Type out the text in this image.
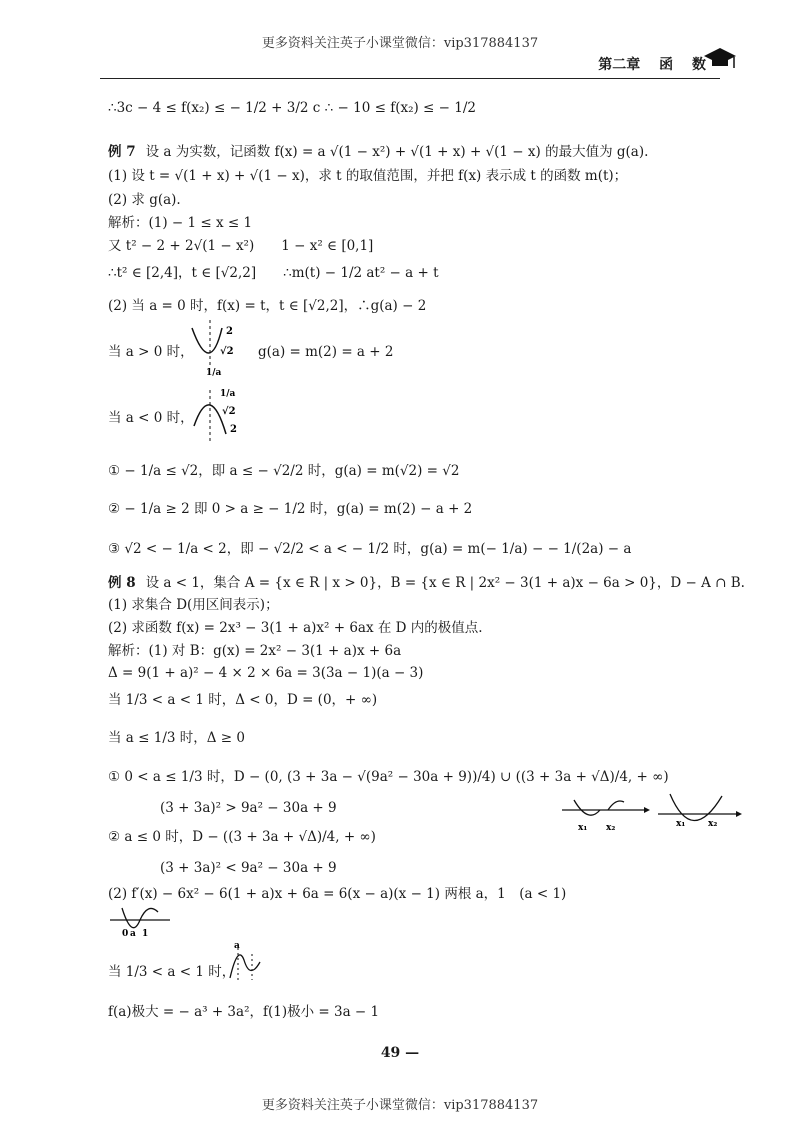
更多资料关注英子小课堂微信：vip317884137
第二章 函 数
∴3c − 4 ≤ f(x₂) ≤ − 1/2 + 3/2 c ∴ − 10 ≤ f(x₂) ≤ − 1/2
例 7 设 a 为实数，记函数 f(x) = a √(1 − x²) + √(1 + x) + √(1 − x) 的最大值为 g(a).
(1) 设 t = √(1 + x) + √(1 − x)，求 t 的取值范围，并把 f(x) 表示成 t 的函数 m(t)；
(2) 求 g(a).
解析：(1) − 1 ≤ x ≤ 1
又 t² − 2 + 2√(1 − x²)　　1 − x² ∈ [0,1]
∴t² ∈ [2,4]，t ∈ [√2,2]　　∴m(t) − 1/2 at² − a + t
(2) 当 a = 0 时，f(x) = t，t ∈ [√2,2]，∴g(a) − 2
当 a > 0 时，
2
√2
1/a
g(a) = m(2) = a + 2
当 a < 0 时，
1/a
√2
2
① − 1/a ≤ √2，即 a ≤ − √2/2 时，g(a) = m(√2) = √2
② − 1/a ≥ 2 即 0 > a ≥ − 1/2 时，g(a) = m(2) − a + 2
③ √2 < − 1/a < 2，即 − √2/2 < a < − 1/2 时，g(a) = m(− 1/a) − − 1/(2a) − a
例 8 设 a < 1，集合 A = {x ∈ R | x > 0}，B = {x ∈ R | 2x² − 3(1 + a)x − 6a > 0}，D − A ∩ B.
(1) 求集合 D(用区间表示)；
(2) 求函数 f(x) = 2x³ − 3(1 + a)x² + 6ax 在 D 内的极值点.
解析：(1) 对 B：g(x) = 2x² − 3(1 + a)x + 6a
Δ = 9(1 + a)² − 4 × 2 × 6a = 3(3a − 1)(a − 3)
当 1/3 < a < 1 时，Δ < 0，D = (0，+ ∞)
当 a ≤ 1/3 时，Δ ≥ 0
① 0 < a ≤ 1/3 时，D − (0, (3 + 3a − √(9a² − 30a + 9))/4) ∪ ((3 + 3a + √Δ)/4, + ∞)
(3 + 3a)² > 9a² − 30a + 9
x₁ x₂	x₁	x₂
② a ≤ 0 时，D − ((3 + 3a + √Δ)/4, + ∞)
(3 + 3a)² < 9a² − 30a + 9
(2) f′(x) − 6x² − 6(1 + a)x + 6a = 6(x − a)(x − 1) 两根 a，1　(a < 1)
0 a 1
当 1/3 < a < 1 时，
a
f(a)极大 = − a³ + 3a²，f(1)极小 = 3a − 1
49 —
更多资料关注英子小课堂微信：vip317884137
